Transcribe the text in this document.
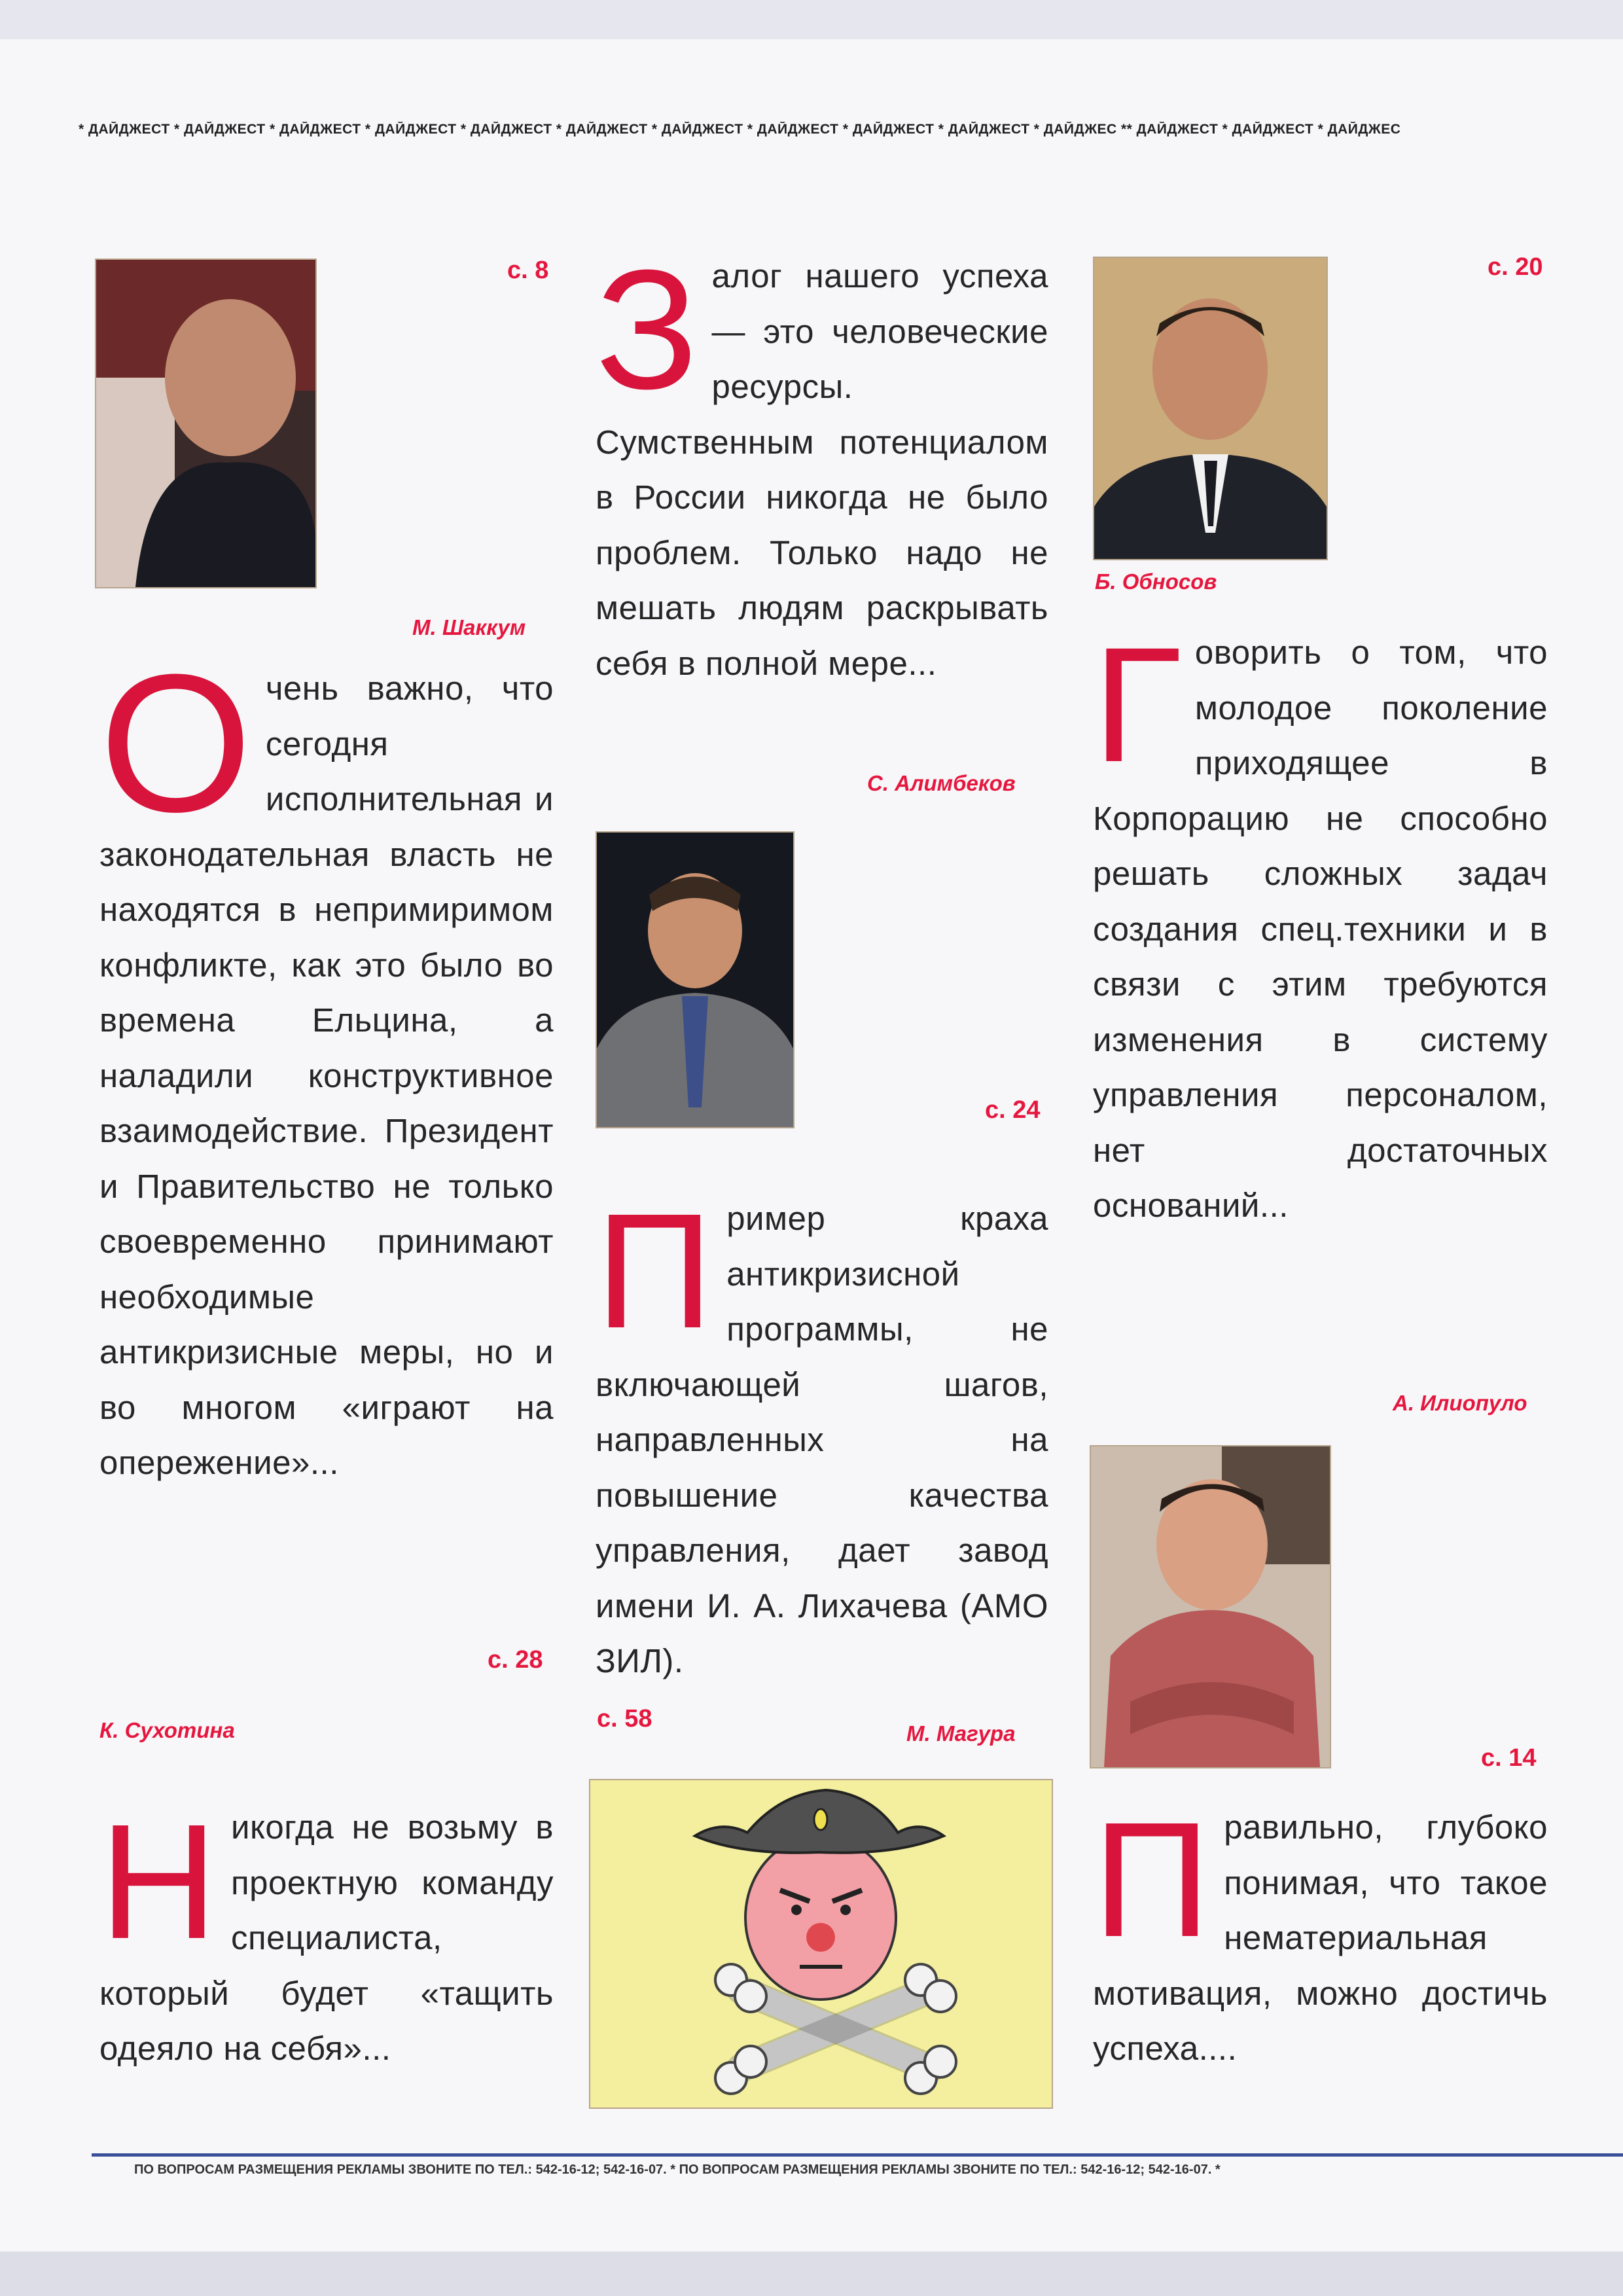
* ДАЙДЖЕСТ * ДАЙДЖЕСТ * ДАЙДЖЕСТ * ДАЙДЖЕСТ * ДАЙДЖЕСТ * ДАЙДЖЕСТ * ДАЙДЖЕСТ * ДАЙДЖЕСТ * ДАЙДЖЕСТ * ДАЙДЖЕСТ * ДАЙДЖЕС ** ДАЙДЖЕСТ * ДАЙДЖЕСТ * ДАЙДЖЕС
с. 8
М. Шаккум
Очень важно, что сегодня исполнительная и законодательная власть не находятся в непримиримом конфликте, как это было во времена Ельцина, а наладили конструктивное взаимодействие. Президент и Правительство не только своевременно принимают необходимые антикризисные меры, но и во многом «играют на опережение»...
с. 28
К. Сухотина
Никогда не возьму в проектную команду специалиста, который будет «тащить одеяло на себя»...
Залог нашего успеха — это человеческие ресурсы. Сумственным потенциалом в России никогда не было проблем. Только надо не мешать людям раскрывать себя в полной мере...
С. Алимбеков
с. 24
Пример краха антикризисной программы, не включающей шагов, направленных на повышение качества управления, дает завод имени И. А. Лихачева (АМО ЗИЛ).
с. 58
М. Магура
с. 20
Б. Обносов
Говорить о том, что молодое поколение приходящее в Корпорацию не способно решать сложных задач создания спец.техники и в связи с этим требуются изменения в систему управления персоналом, нет достаточных оснований...
А. Илиопуло
с. 14
Правильно, глубоко понимая, что такое нематериальная мотивация, можно достичь успеха....
ПО ВОПРОСАМ РАЗМЕЩЕНИЯ РЕКЛАМЫ ЗВОНИТЕ ПО ТЕЛ.: 542-16-12; 542-16-07. * ПО ВОПРОСАМ РАЗМЕЩЕНИЯ РЕКЛАМЫ ЗВОНИТЕ ПО ТЕЛ.: 542-16-12; 542-16-07. *
